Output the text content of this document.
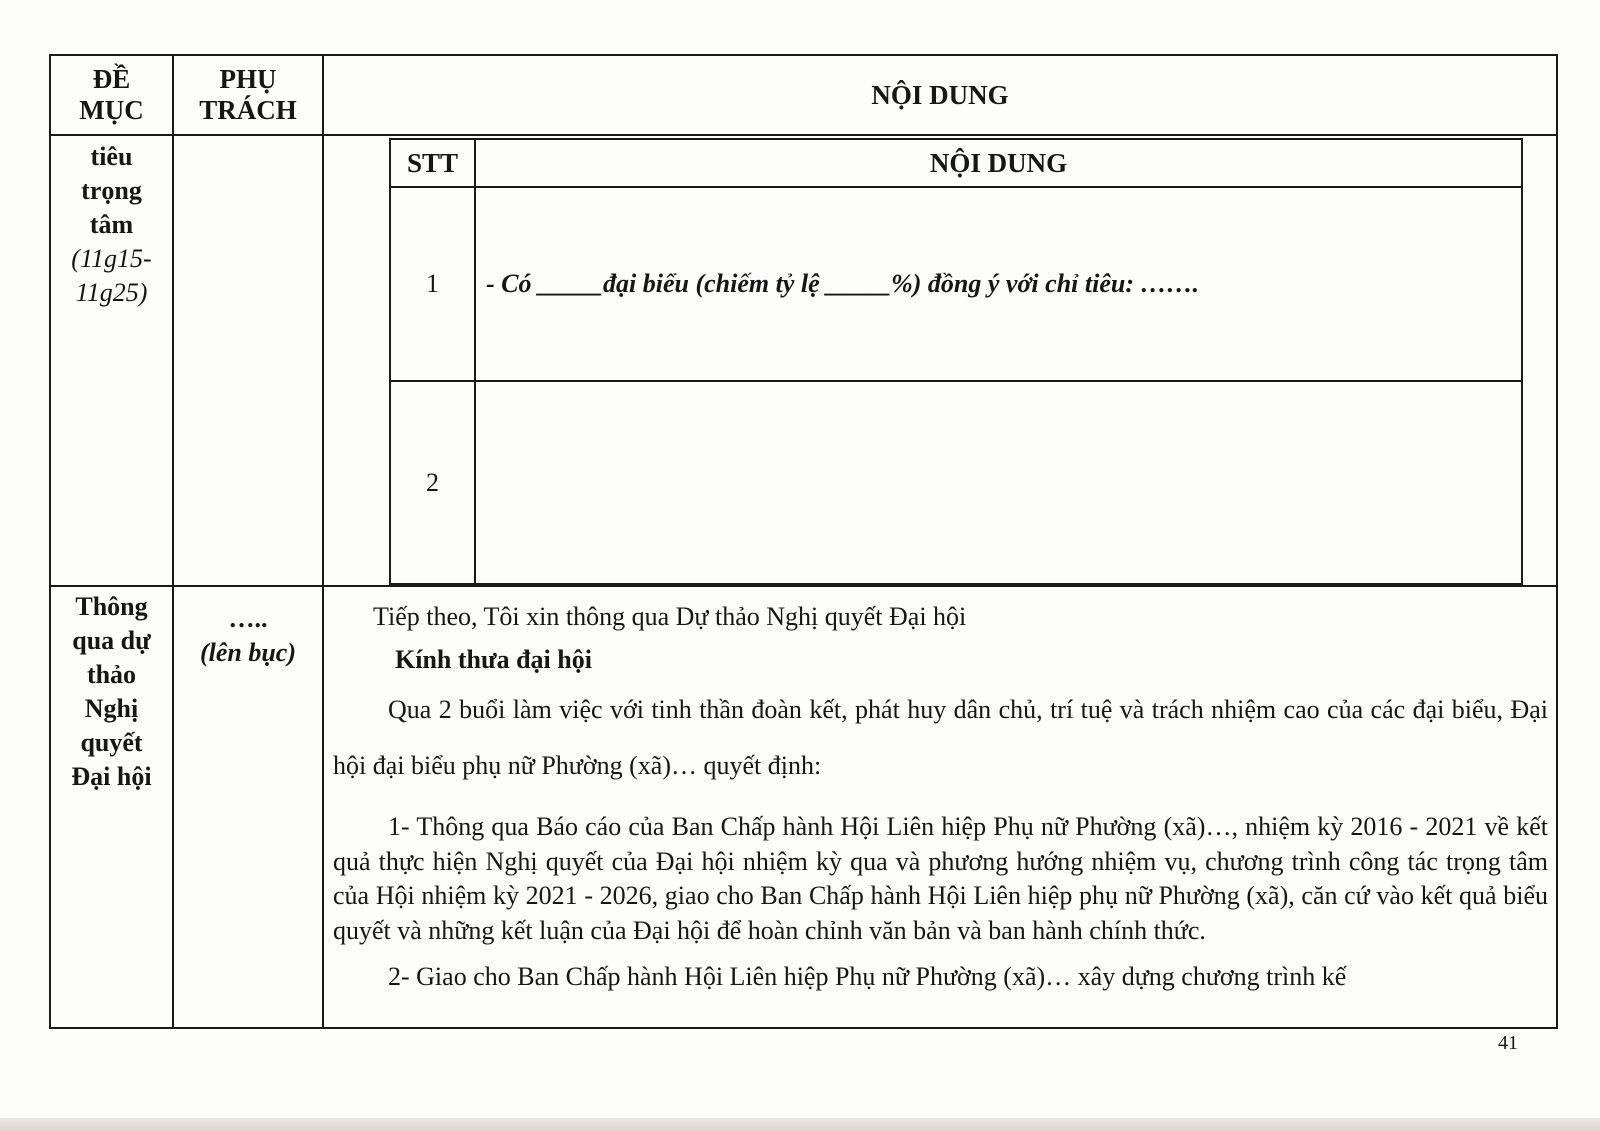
ĐỀ
MỤC
PHỤ
TRÁCH
NỘI DUNG
tiêu
trọng
tâm
(11g15-
11g25)
STT	NỘI DUNG
1	- Có _____đại biểu (chiếm tỷ lệ _____%) đồng ý với chỉ tiêu: …….
2
Thông
qua dự
thảo
Nghị
quyết
Đại hội
…..
(lên bục)

Tiếp theo, Tôi xin thông qua Dự thảo Nghị quyết Đại hội

Kính thưa đại hội

Qua 2 buổi làm việc với tinh thần đoàn kết, phát huy dân chủ, trí tuệ và trách nhiệm cao của các đại biểu, Đại hội đại biểu phụ nữ Phường (xã)… quyết định:

1- Thông qua Báo cáo của Ban Chấp hành Hội Liên hiệp Phụ nữ Phường (xã)…, nhiệm kỳ 2016 - 2021 về kết quả thực hiện Nghị quyết của Đại hội nhiệm kỳ qua và phương hướng nhiệm vụ, chương trình công tác trọng tâm của Hội nhiệm kỳ 2021 - 2026, giao cho Ban Chấp hành Hội Liên hiệp phụ nữ Phường (xã), căn cứ vào kết quả biểu quyết và những kết luận của Đại hội để hoàn chỉnh văn bản và ban hành chính thức.

2- Giao cho Ban Chấp hành Hội Liên hiệp Phụ nữ Phường (xã)… xây dựng chương trình kế

41
